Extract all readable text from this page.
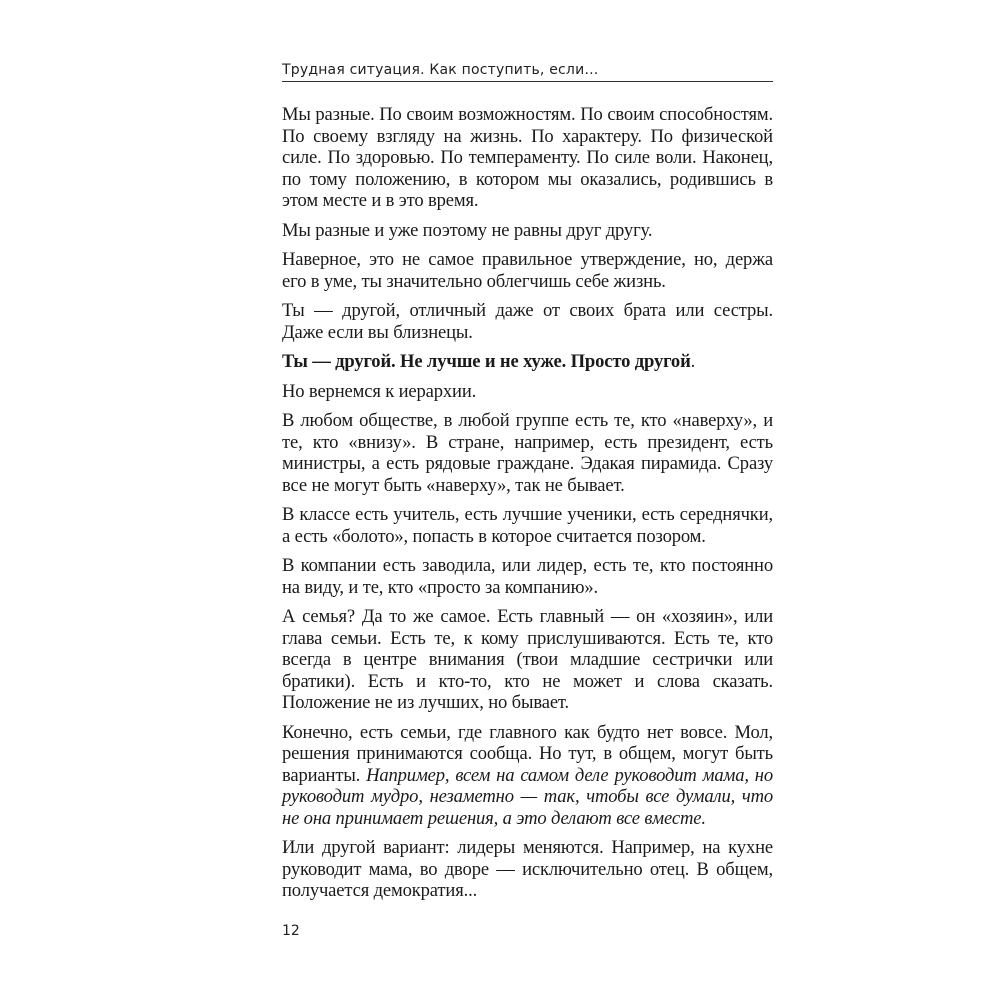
Трудная ситуация. Как поступить, если…

Мы разные. По своим возможностям. По своим способностям. По своему взгляду на жизнь. По характеру. По физической силе. По здоровью. По темпераменту. По силе воли. Наконец, по тому положению, в котором мы оказались, родившись в этом месте и в это время.

Мы разные и уже поэтому не равны друг другу.

Наверное, это не самое правильное утверждение, но, держа его в уме, ты значительно облегчишь себе жизнь.

Ты — другой, отличный даже от своих брата или сестры. Даже если вы близнецы.

Ты — другой. Не лучше и не хуже. Просто другой.

Но вернемся к иерархии.

В любом обществе, в любой группе есть те, кто «наверху», и те, кто «внизу». В стране, например, есть президент, есть министры, а есть рядовые граждане. Эдакая пирамида. Сразу все не могут быть «наверху», так не бывает.

В классе есть учитель, есть лучшие ученики, есть середнячки, а есть «болото», попасть в которое считается позором.

В компании есть заводила, или лидер, есть те, кто постоянно на виду, и те, кто «просто за компанию».

А семья? Да то же самое. Есть главный — он «хозяин», или глава семьи. Есть те, к кому прислушиваются. Есть те, кто всегда в центре внимания (твои младшие сестрички или братики). Есть и кто-то, кто не может и слова сказать. Положение не из лучших, но бывает.

Конечно, есть семьи, где главного как будто нет вовсе. Мол, решения принимаются сообща. Но тут, в общем, могут быть варианты. Например, всем на самом деле руководит мама, но руководит мудро, незаметно — так, чтобы все думали, что не она принимает решения, а это делают все вместе.

Или другой вариант: лидеры меняются. Например, на кухне руководит мама, во дворе — исключительно отец. В общем, получается демократия...

12
